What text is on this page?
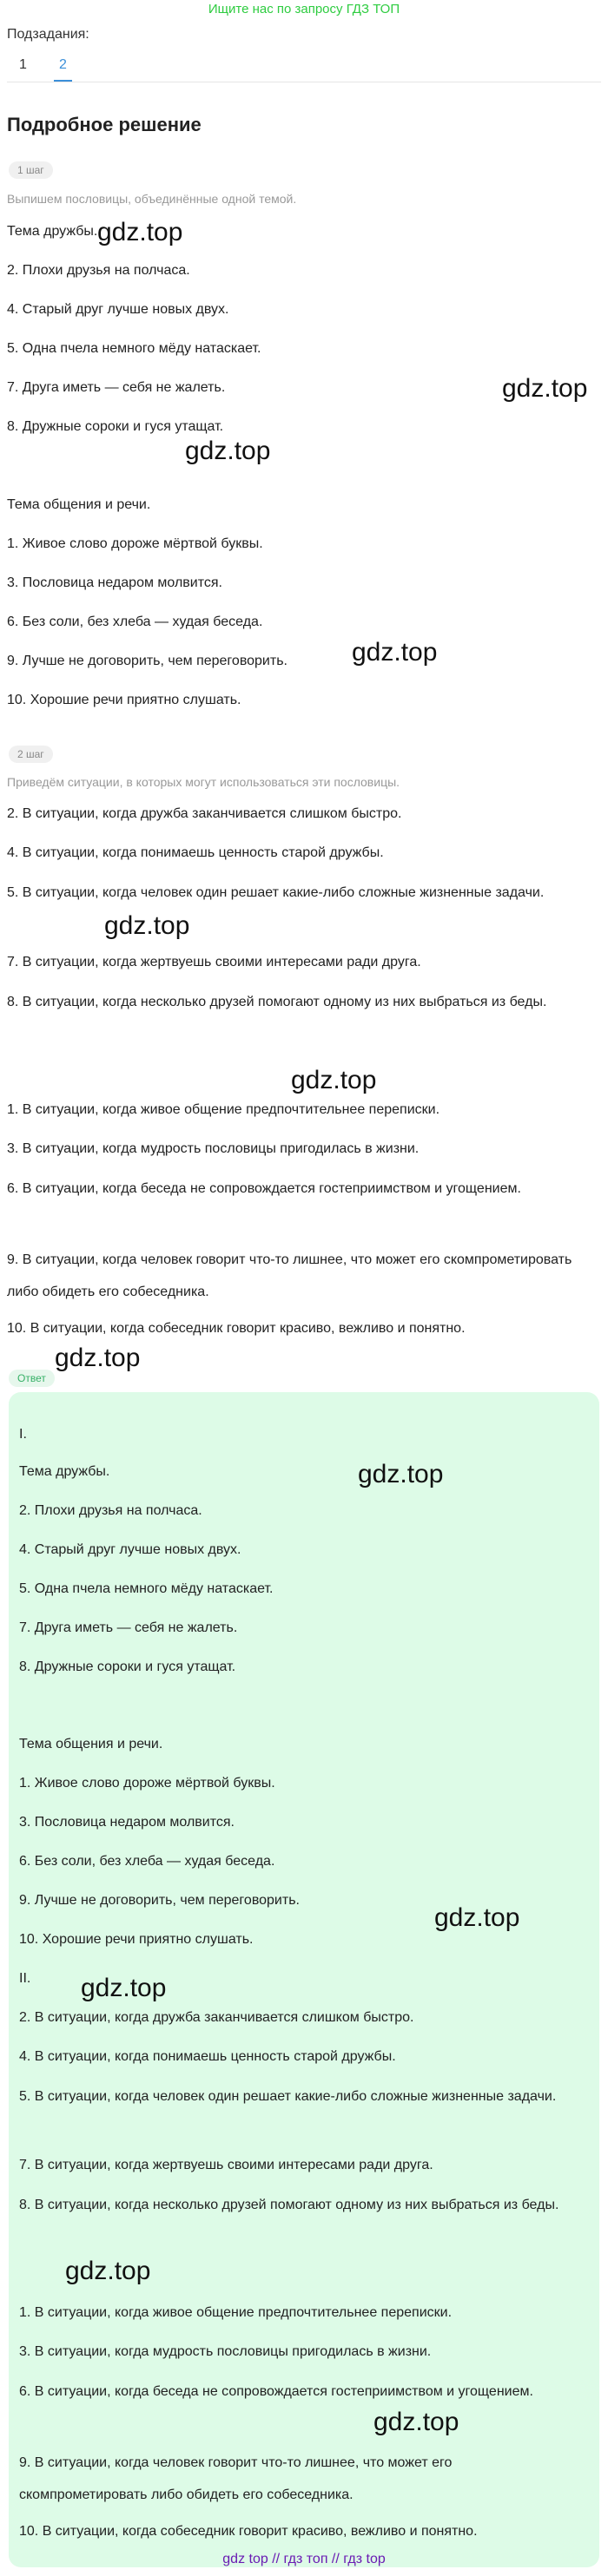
Ищите нас по запросу ГДЗ ТОП
Подзадания:
1	2
Подробное решение
1 шаг
Выпишем пословицы, объединённые одной темой.
Тема дружбы.
2. Плохи друзья на полчаса.
4. Старый друг лучше новых двух.
5. Одна пчела немного мёду натаскает.
7. Друга иметь — себя не жалеть.
8. Дружные сороки и гуся утащат.
Тема общения и речи.
1. Живое слово дороже мёртвой буквы.
3. Пословица недаром молвится.
6. Без соли, без хлеба — худая беседа.
9. Лучше не договорить, чем переговорить.
10. Хорошие речи приятно слушать.
2 шаг
Приведём ситуации, в которых могут использоваться эти пословицы.
2. В ситуации, когда дружба заканчивается слишком быстро.
4. В ситуации, когда понимаешь ценность старой дружбы.
5. В ситуации, когда человек один решает какие-либо сложные жизненные задачи.
7. В ситуации, когда жертвуешь своими интересами ради друга.
8. В ситуации, когда несколько друзей помогают одному из них выбраться из беды.
1. В ситуации, когда живое общение предпочтительнее переписки.
3. В ситуации, когда мудрость пословицы пригодилась в жизни.
6. В ситуации, когда беседа не сопровождается гостеприимством и угощением.
9. В ситуации, когда человек говорит что-то лишнее, что может его скомпрометировать либо обидеть его собеседника.
10. В ситуации, когда собеседник говорит красиво, вежливо и понятно.
Ответ
I.
Тема дружбы.
2. Плохи друзья на полчаса.
4. Старый друг лучше новых двух.
5. Одна пчела немного мёду натаскает.
7. Друга иметь — себя не жалеть.
8. Дружные сороки и гуся утащат.
Тема общения и речи.
1. Живое слово дороже мёртвой буквы.
3. Пословица недаром молвится.
6. Без соли, без хлеба — худая беседа.
9. Лучше не договорить, чем переговорить.
10. Хорошие речи приятно слушать.
II.
2. В ситуации, когда дружба заканчивается слишком быстро.
4. В ситуации, когда понимаешь ценность старой дружбы.
5. В ситуации, когда человек один решает какие-либо сложные жизненные задачи.
7. В ситуации, когда жертвуешь своими интересами ради друга.
8. В ситуации, когда несколько друзей помогают одному из них выбраться из беды.
1. В ситуации, когда живое общение предпочтительнее переписки.
3. В ситуации, когда мудрость пословицы пригодилась в жизни.
6. В ситуации, когда беседа не сопровождается гостеприимством и угощением.
9. В ситуации, когда человек говорит что-то лишнее, что может его скомпрометировать либо обидеть его собеседника.
10. В ситуации, когда собеседник говорит красиво, вежливо и понятно.
gdz.top
gdz.top
gdz.top
gdz.top
gdz.top
gdz.top
gdz.top
gdz.top
gdz.top
gdz.top
gdz.top
gdz.top
gdz top // гдз топ // гдз top
